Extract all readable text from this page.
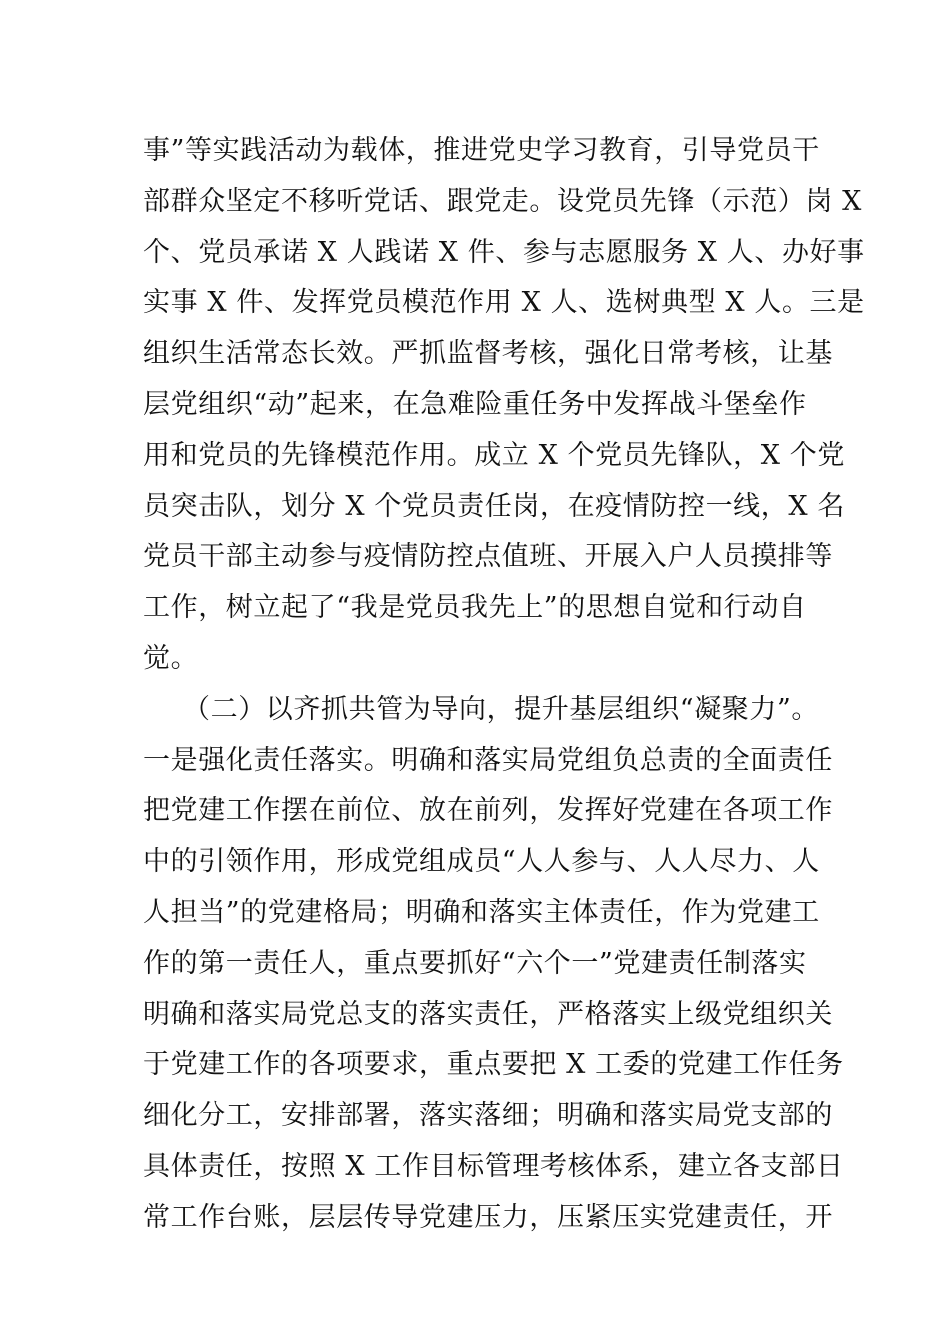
事”等实践活动为载体，推进党史学习教育，引导党员干
部群众坚定不移听党话、跟党走。设党员先锋（示范）岗 X
个、党员承诺 X 人践诺 X 件、参与志愿服务 X 人、办好事
实事 X 件、发挥党员模范作用 X 人、选树典型 X 人。三是
组织生活常态长效。严抓监督考核，强化日常考核，让基
层党组织“动”起来，在急难险重任务中发挥战斗堡垒作
用和党员的先锋模范作用。成立 X 个党员先锋队，X 个党
员突击队，划分 X 个党员责任岗，在疫情防控一线，X 名
党员干部主动参与疫情防控点值班、开展入户人员摸排等
工作，树立起了“我是党员我先上”的思想自觉和行动自
觉。
（二）以齐抓共管为导向，提升基层组织“凝聚力”。
一是强化责任落实。明确和落实局党组负总责的全面责任
把党建工作摆在前位、放在前列，发挥好党建在各项工作
中的引领作用，形成党组成员“人人参与、人人尽力、人
人担当”的党建格局；明确和落实主体责任，作为党建工
作的第一责任人，重点要抓好“六个一”党建责任制落实
明确和落实局党总支的落实责任，严格落实上级党组织关
于党建工作的各项要求，重点要把 X 工委的党建工作任务
细化分工，安排部署，落实落细；明确和落实局党支部的
具体责任，按照 X 工作目标管理考核体系，建立各支部日
常工作台账，层层传导党建压力，压紧压实党建责任，开
